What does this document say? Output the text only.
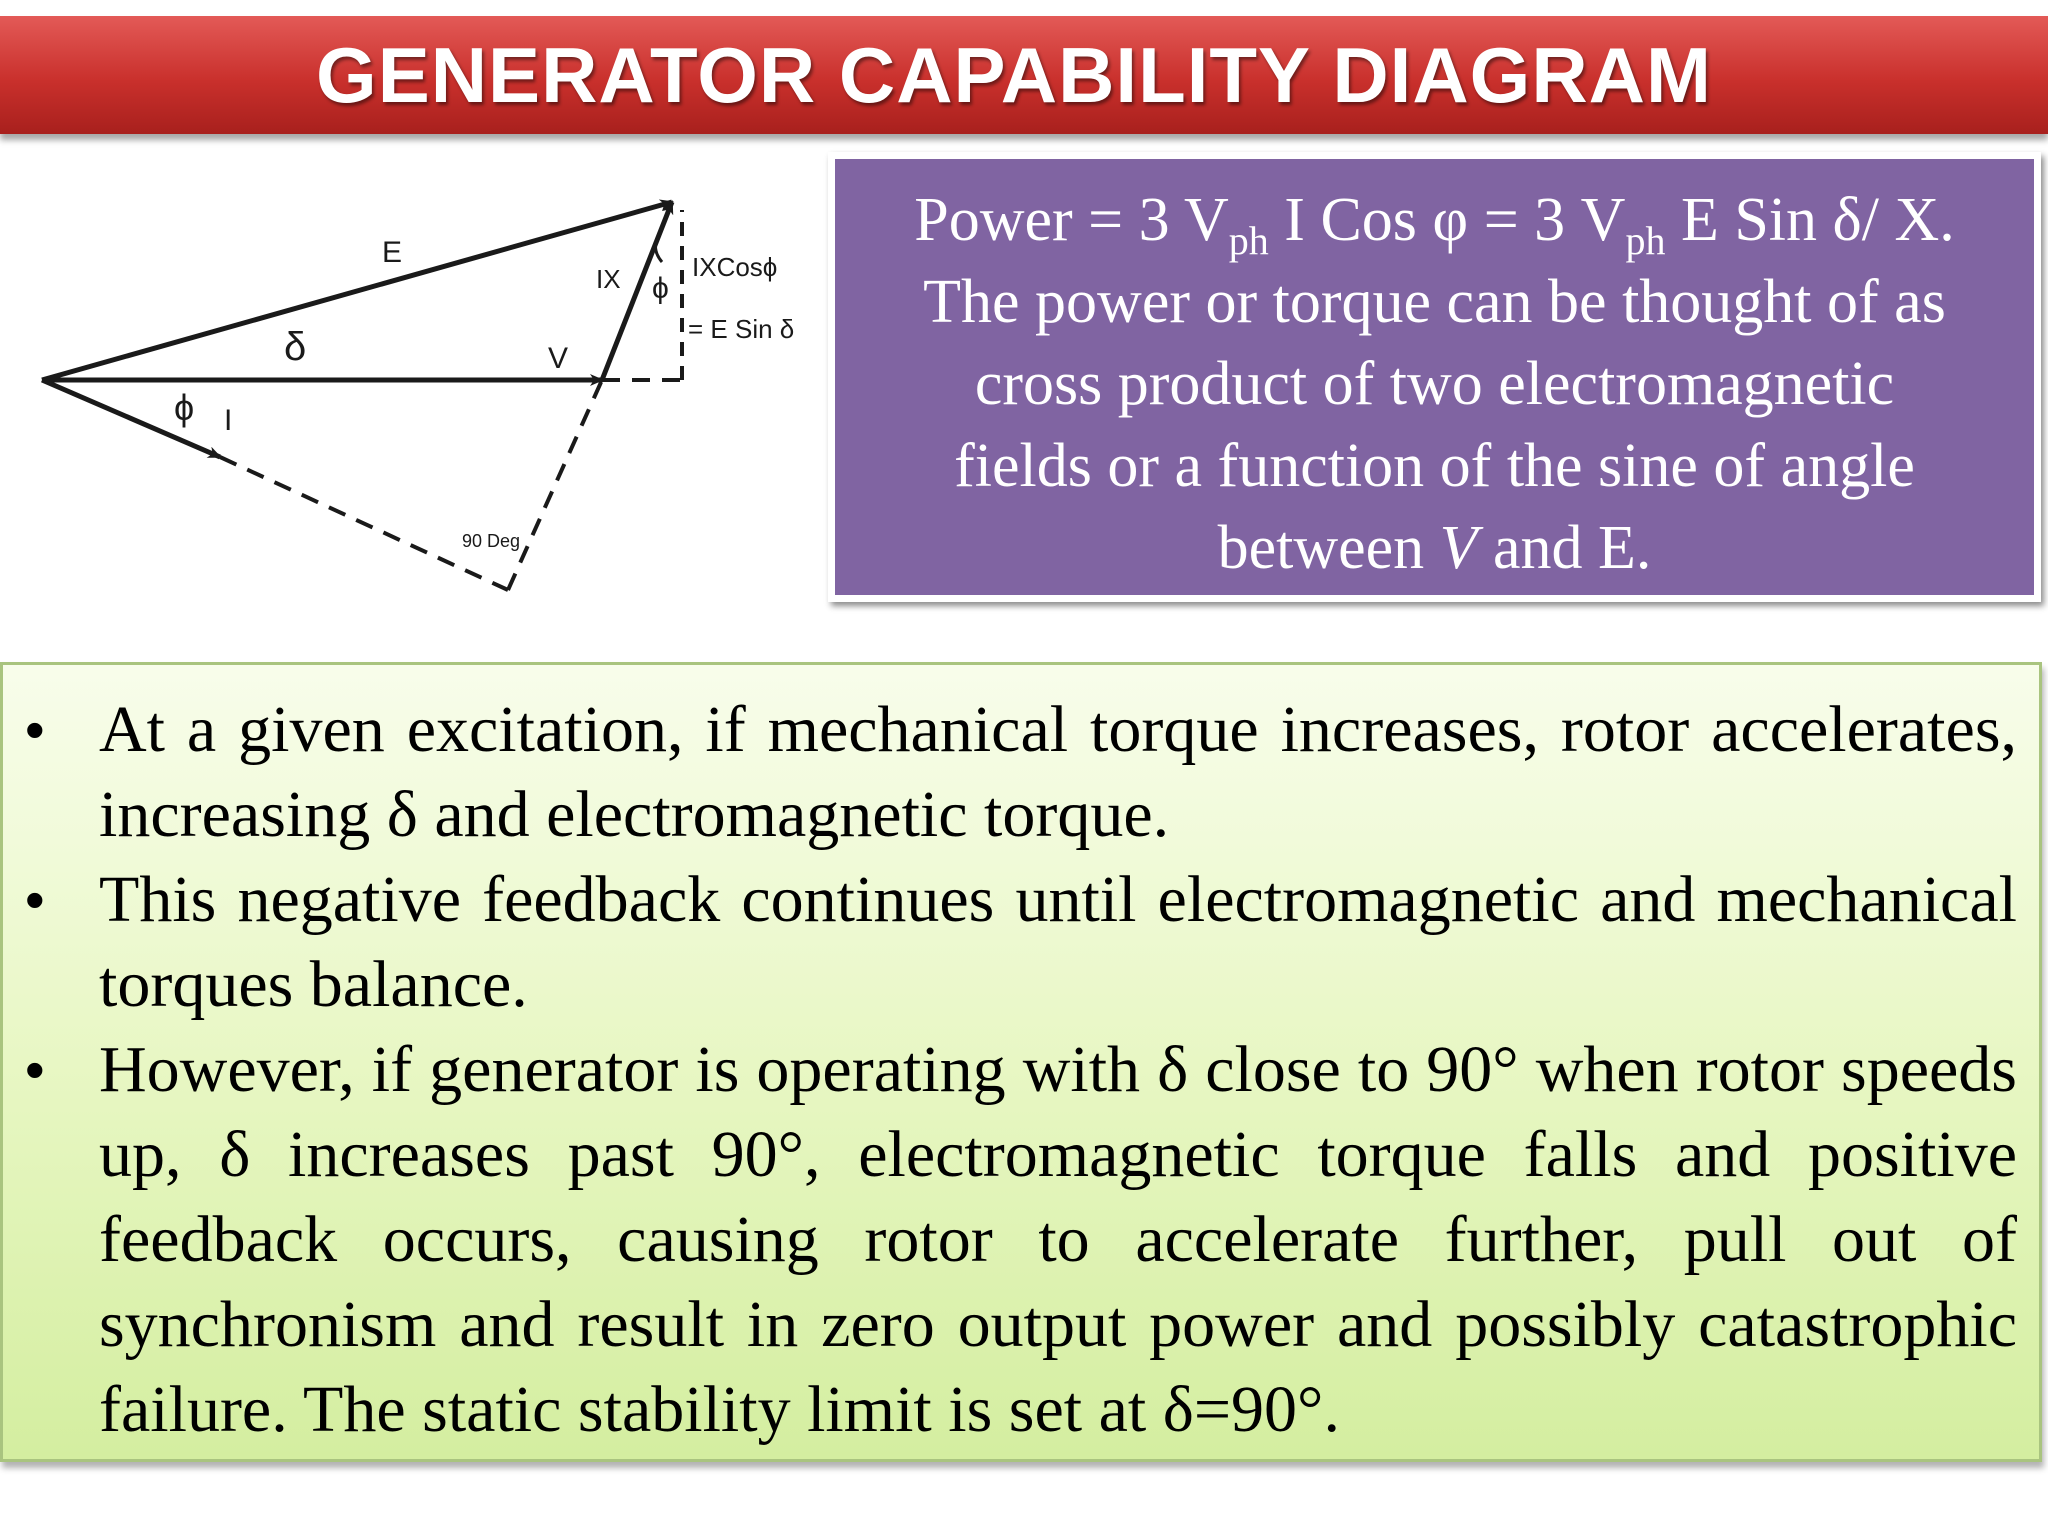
GENERATOR CAPABILITY DIAGRAM
E
δ	V
ϕ I
IX ϕ
IXCosϕ
= E Sin δ
90 Deg
Power = 3 $V_{ph}$ I Cos φ = 3 $V_{ph}$ E Sin δ/ X.
The power or torque can be thought of as
cross product of two electromagnetic
fields or a function of the sine of angle
between V and E.
• At a given excitation, if mechanical torque increases, rotor accelerates, increasing δ and electromagnetic torque.
• This negative feedback continues until electromagnetic and mechanical torques balance.
• However, if generator is operating with δ close to 90° when rotor speeds up, δ increases past 90°, electromagnetic torque falls and positive feedback occurs, causing rotor to accelerate further, pull out of synchronism and result in zero output power and possibly catastrophic failure. The static stability limit is set at δ=90°.
